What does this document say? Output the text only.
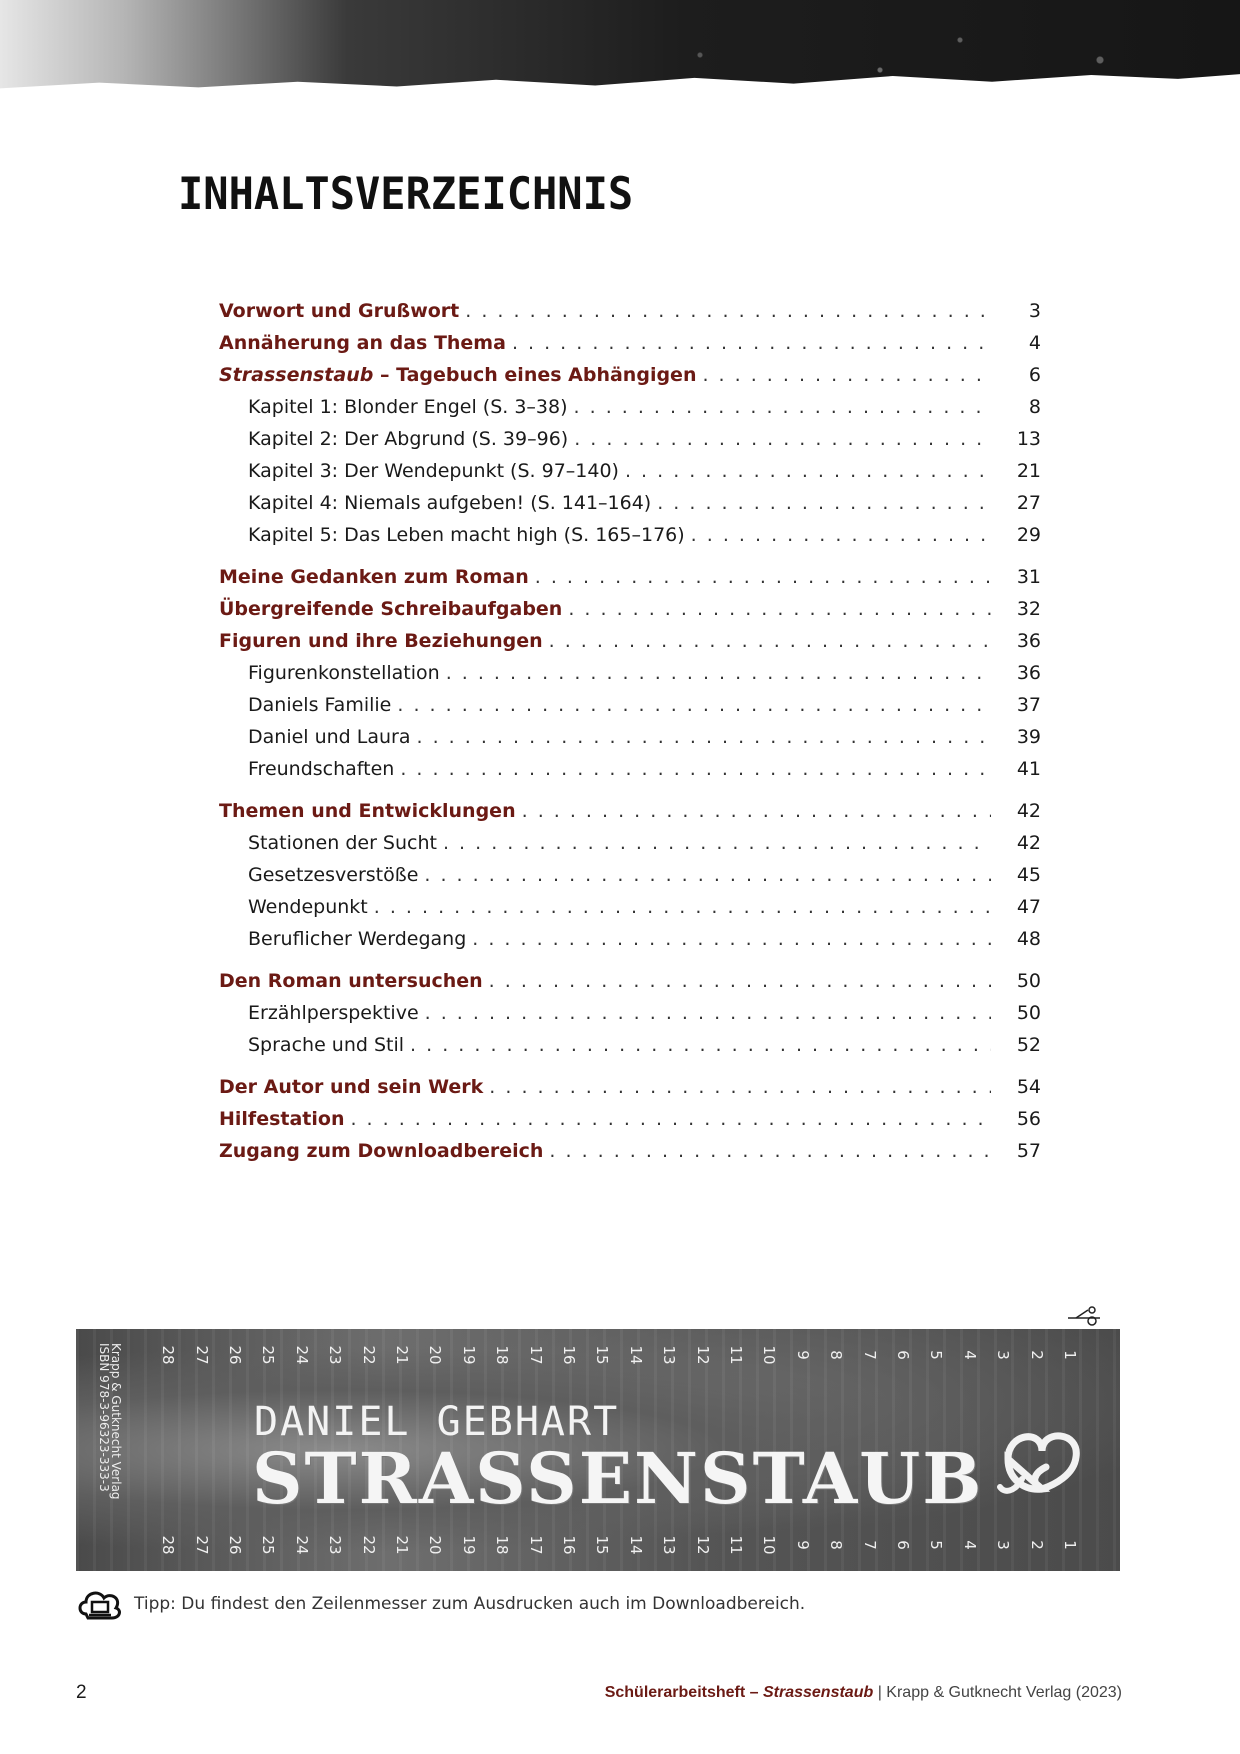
INHALTSVERZEICHNIS
Vorwort und Grußwort . . .	3
Annäherung an das Thema . . .	4
Strassenstaub – Tagebuch eines Abhängigen . . .	6
Kapitel 1: Blonder Engel (S. 3–38) . . .	8
Kapitel 2: Der Abgrund (S. 39–96) . . .	13
Kapitel 3: Der Wendepunkt (S. 97–140) . . .	21
Kapitel 4: Niemals aufgeben! (S. 141–164) . . .	27
Kapitel 5: Das Leben macht high (S. 165–176) . . .	29
Meine Gedanken zum Roman . . .	31
Übergreifende Schreibaufgaben . . .	32
Figuren und ihre Beziehungen . . .	36
Figurenkonstellation . . .	36
Daniels Familie . . .	37
Daniel und Laura . . .	39
Freundschaften . . .	41
Themen und Entwicklungen . . .	42
Stationen der Sucht . . .	42
Gesetzesverstöße . . .	45
Wendepunkt . . .	47
Beruflicher Werdegang . . .	48
Den Roman untersuchen . . .	50
Erzählperspektive . . .	50
Sprache und Stil . . .	52
Der Autor und sein Werk . . .	54
Hilfestation . . .	56
Zugang zum Downloadbereich . . .	57
1
2
3
4
5
6
7
8
9
10
11
12
13
14
15
16
17
18
19
20
21
22
23
24
25
26
27
28
Krapp & Gutknecht Verlag
ISBN 978-3-96323-333-3	DANIEL GEBHART
STRASSENSTAUB
1
2
3
4
5
6
7
8
9
10
11
12
13
14
15
16
17
18
19
20
21
22
23
24
25
26
27
28
Tipp: Du findest den Zeilenmesser zum Ausdrucken auch im Downloadbereich.
2	Schülerarbeitsheft – Strassenstaub | Krapp & Gutknecht Verlag (2023)
